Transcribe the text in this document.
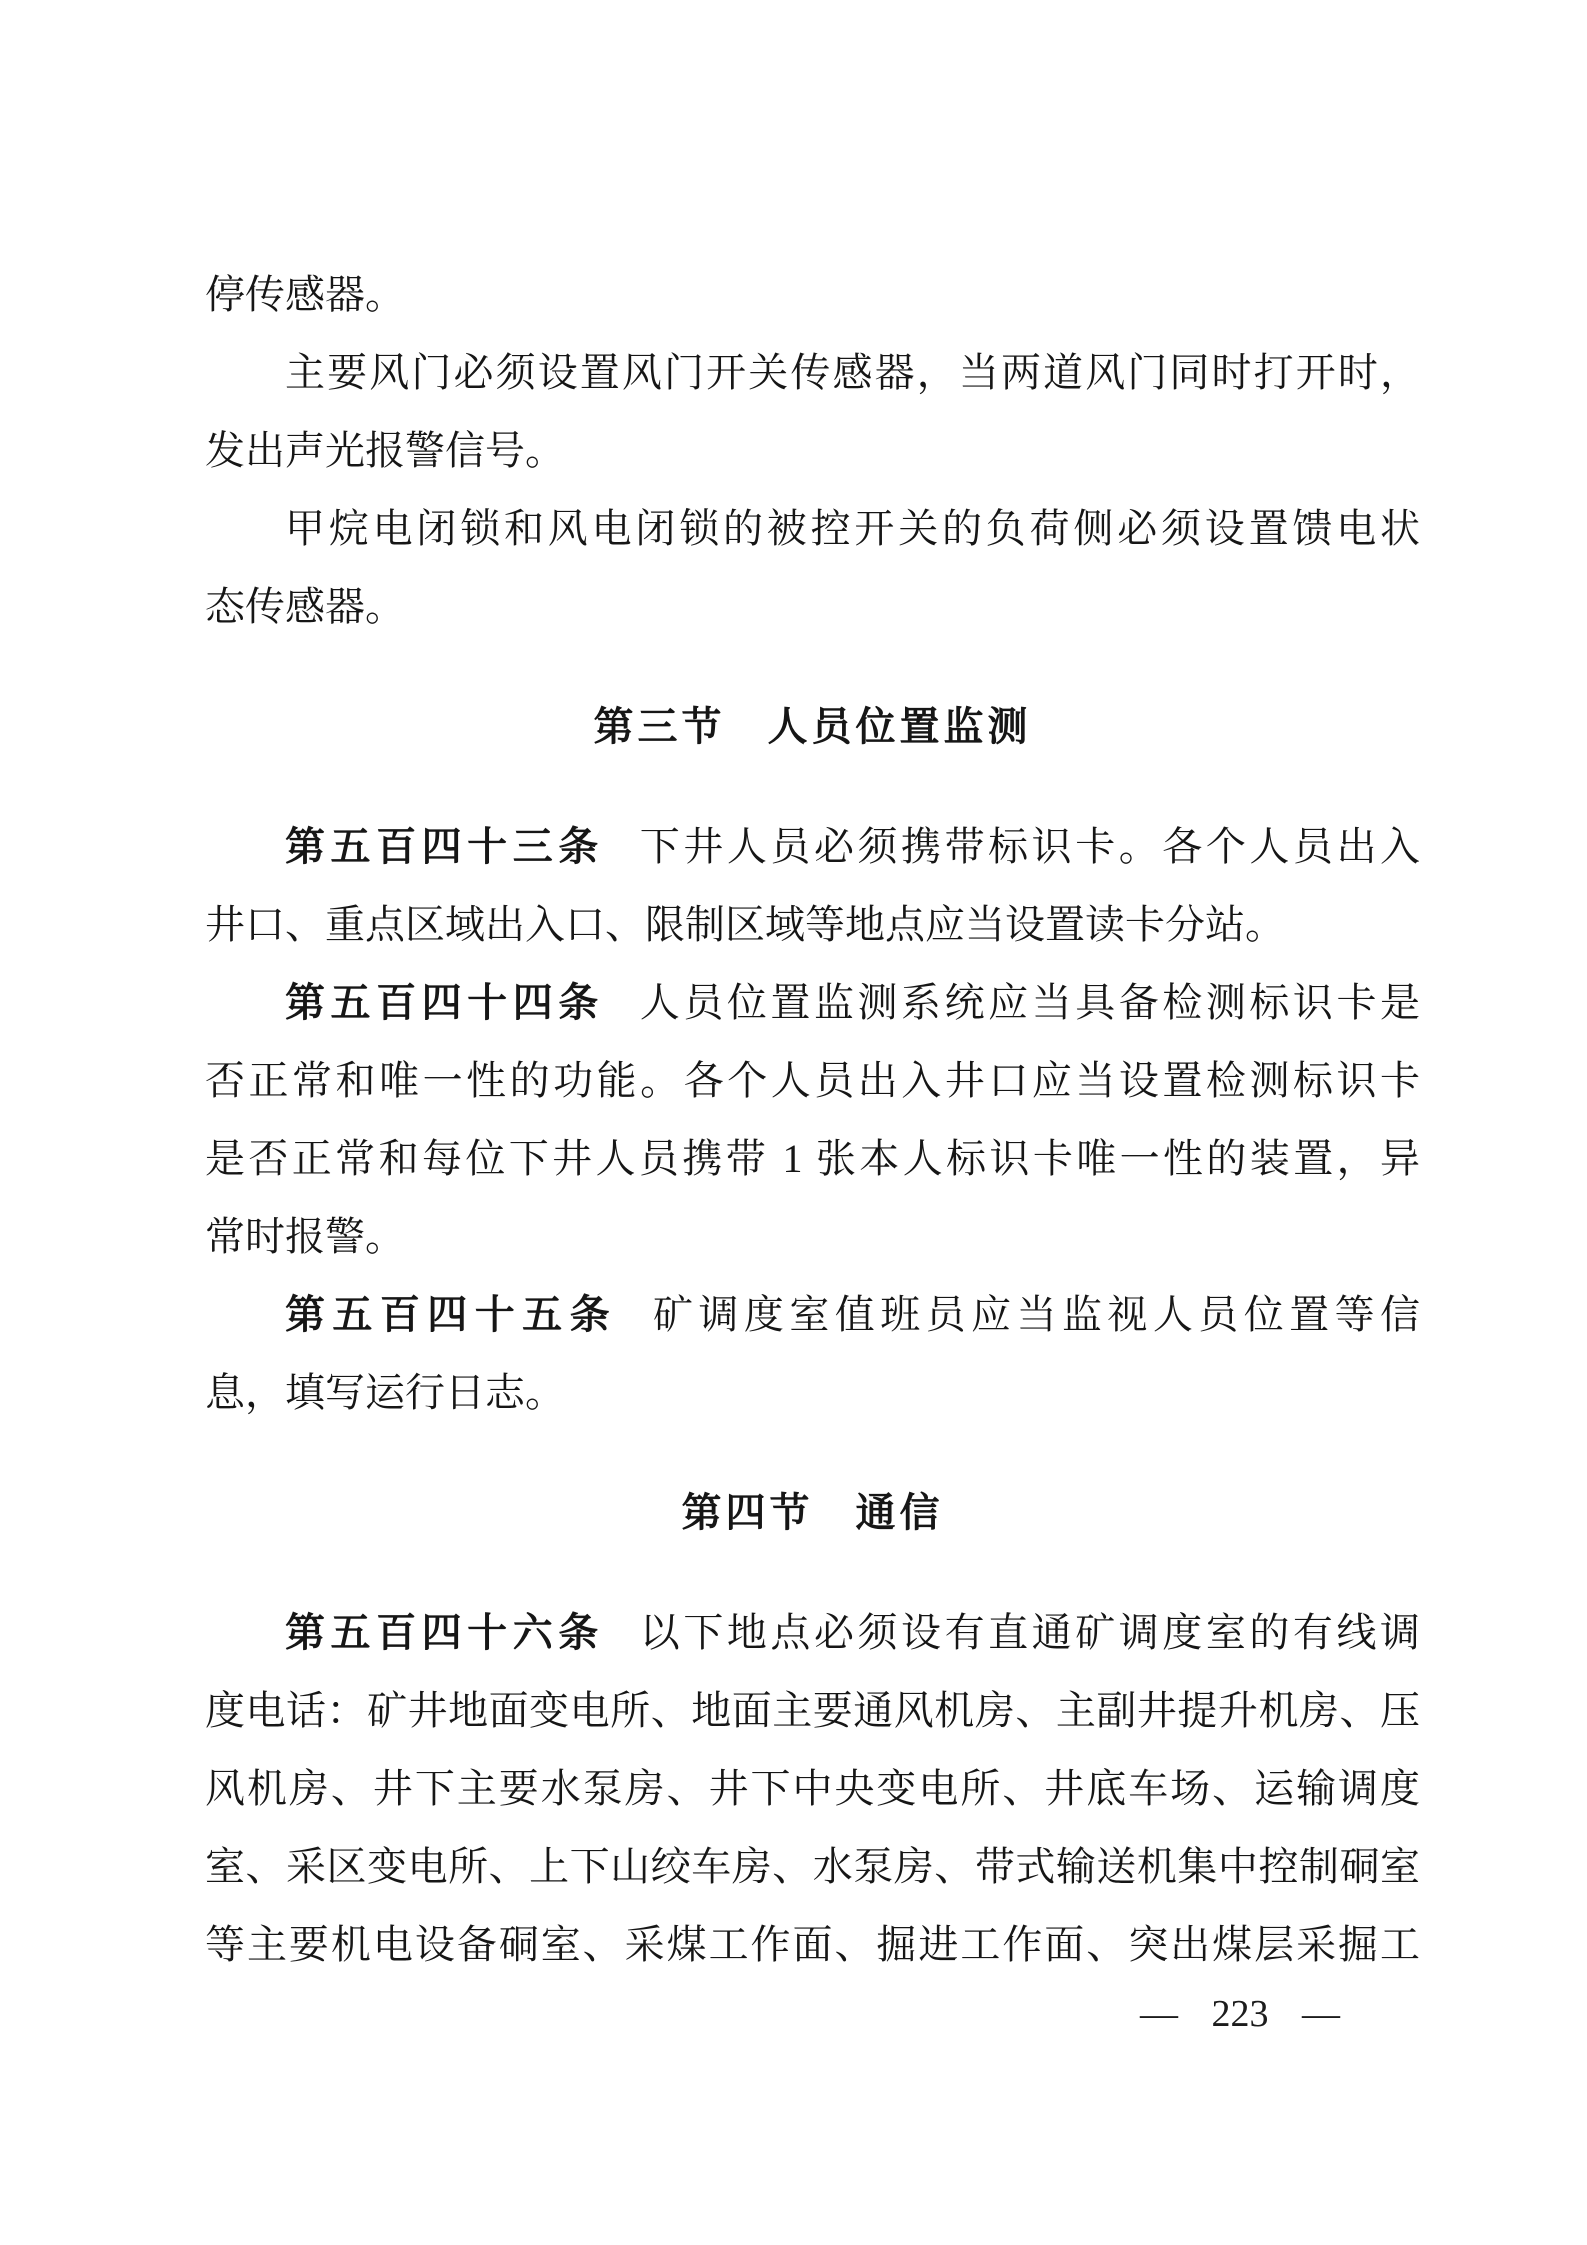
停传感器。
主要风门必须设置风门开关传感器，当两道风门同时打开时，
发出声光报警信号。
甲烷电闭锁和风电闭锁的被控开关的负荷侧必须设置馈电状
态传感器。
第三节 人员位置监测
第五百四十三条 下井人员必须携带标识卡。各个人员出入
井口、重点区域出入口、限制区域等地点应当设置读卡分站。
第五百四十四条 人员位置监测系统应当具备检测标识卡是
否正常和唯一性的功能。各个人员出入井口应当设置检测标识卡
是否正常和每位下井人员携带 1 张本人标识卡唯一性的装置，异
常时报警。
第五百四十五条 矿调度室值班员应当监视人员位置等信
息，填写运行日志。
第四节 通信
第五百四十六条 以下地点必须设有直通矿调度室的有线调
度电话：矿井地面变电所、地面主要通风机房、主副井提升机房、压
风机房、井下主要水泵房、井下中央变电所、井底车场、运输调度
室、采区变电所、上下山绞车房、水泵房、带式输送机集中控制硐室
等主要机电设备硐室、采煤工作面、掘进工作面、突出煤层采掘工
— 223 —
